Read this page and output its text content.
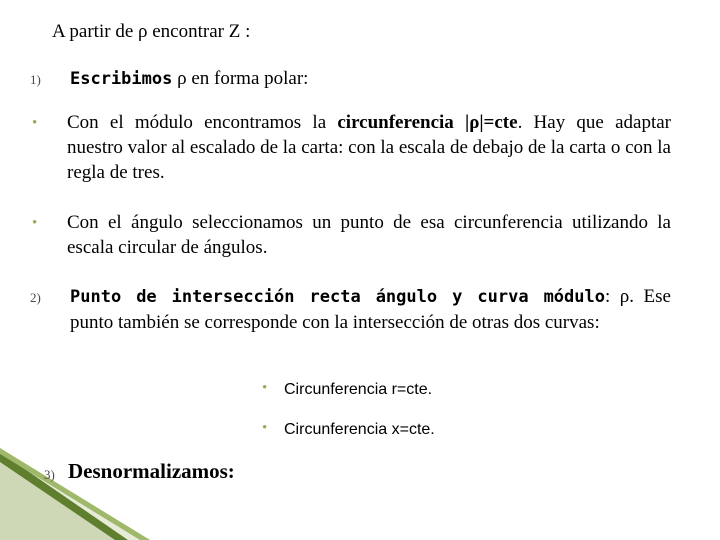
A partir de ρ encontrar Z :
1) Escribimos ρ en forma polar:
• Con el módulo encontramos la circunferencia |ρ|=cte. Hay que adaptar nuestro valor al escalado de la carta: con la escala de debajo de la carta o con la regla de tres.
• Con el ángulo seleccionamos un punto de esa circunferencia utilizando la escala circular de ángulos.
2) Punto de intersección recta ángulo y curva módulo: ρ. Ese punto también se corresponde con la intersección de otras dos curvas:
• Circunferencia r=cte.
• Circunferencia x=cte.
3) Desnormalizamos:
